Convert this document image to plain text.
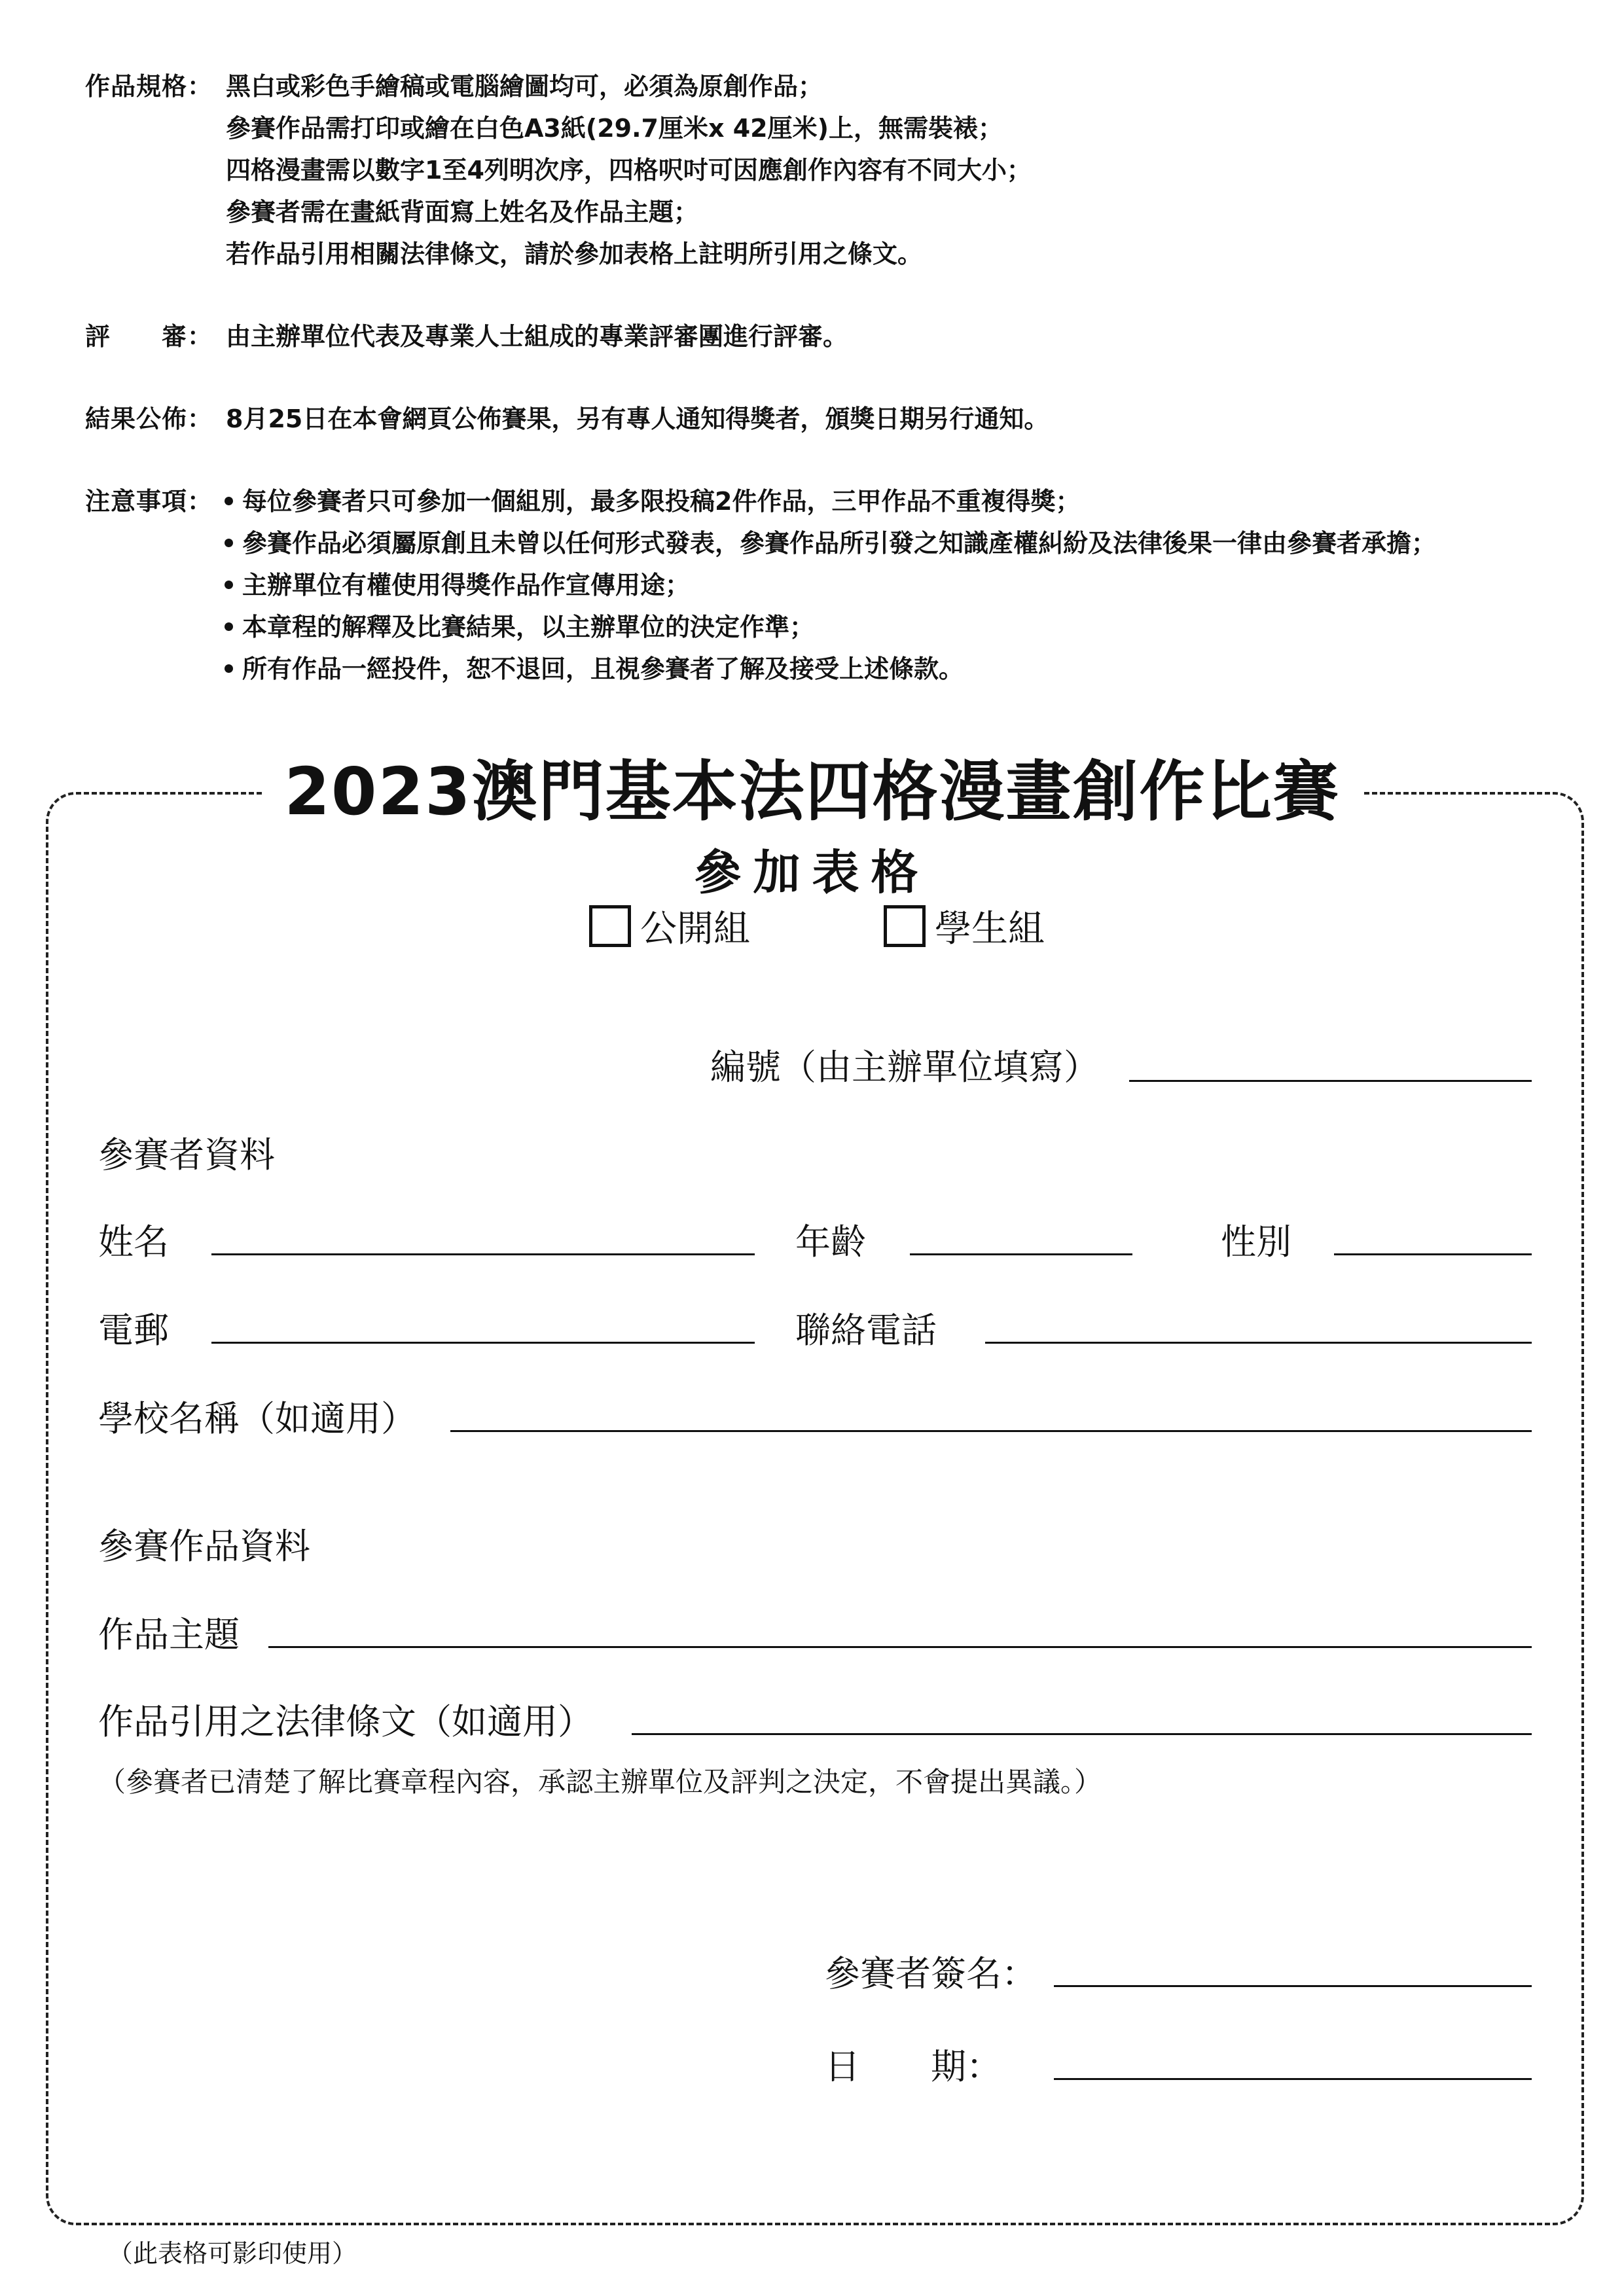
作品規格： 黑白或彩色手繪稿或電腦繪圖均可，必須為原創作品；
參賽作品需打印或繪在白色A3紙(29.7厘米x 42厘米)上，無需裝裱；
四格漫畫需以數字1至4列明次序，四格呎吋可因應創作內容有不同大小；
參賽者需在畫紙背面寫上姓名及作品主題；
若作品引用相關法律條文，請於參加表格上註明所引用之條文。
評　　審： 由主辦單位代表及專業人士組成的專業評審團進行評審。
結果公佈： 8月25日在本會網頁公佈賽果，另有專人通知得獎者，頒獎日期另行通知。
注意事項：	每位參賽者只可參加一個組別，最多限投稿2件作品，三甲作品不重複得獎；
參賽作品必須屬原創且未曾以任何形式發表，參賽作品所引發之知識產權糾紛及法律後果一律由參賽者承擔；
主辦單位有權使用得獎作品作宣傳用途；
本章程的解釋及比賽結果，以主辦單位的決定作準；
所有作品一經投件，恕不退回，且視參賽者了解及接受上述條款。
2023澳門基本法四格漫畫創作比賽
參加表格
公開組	學生組
編號（由主辦單位填寫）
參賽者資料
姓名	年齡	性別
電郵	聯絡電話
學校名稱（如適用）
參賽作品資料
作品主題
作品引用之法律條文（如適用）
（參賽者已清楚了解比賽章程內容，承認主辦單位及評判之決定，不會提出異議。）
參賽者簽名：
日　　期：
（此表格可影印使用）
